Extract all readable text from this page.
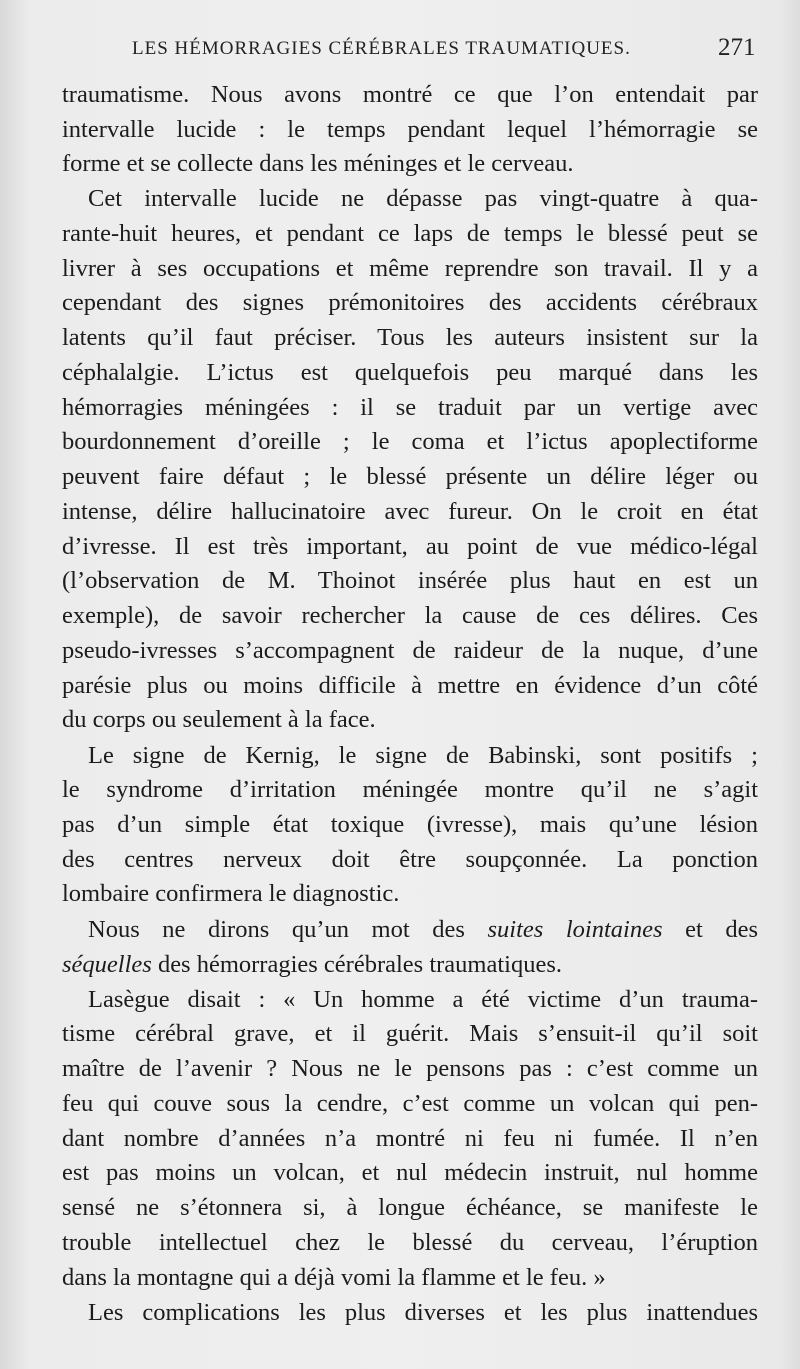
LES HÉMORRAGIES CÉRÉBRALES TRAUMATIQUES.	271
traumatisme. Nous avons montré ce que l’on entendait par
intervalle lucide : le temps pendant lequel l’hémorragie se
forme et se collecte dans les méninges et le cerveau.
Cet intervalle lucide ne dépasse pas vingt-quatre à qua-
rante-huit heures, et pendant ce laps de temps le blessé peut se
livrer à ses occupations et même reprendre son travail. Il y a
cependant des signes prémonitoires des accidents cérébraux
latents qu’il faut préciser. Tous les auteurs insistent sur la
céphalalgie. L’ictus est quelquefois peu marqué dans les
hémorragies méningées : il se traduit par un vertige avec
bourdonnement d’oreille ; le coma et l’ictus apoplectiforme
peuvent faire défaut ; le blessé présente un délire léger ou
intense, délire hallucinatoire avec fureur. On le croit en état
d’ivresse. Il est très important, au point de vue médico-légal
(l’observation de M. Thoinot insérée plus haut en est un
exemple), de savoir rechercher la cause de ces délires. Ces
pseudo-ivresses s’accompagnent de raideur de la nuque, d’une
parésie plus ou moins difficile à mettre en évidence d’un côté
du corps ou seulement à la face.
Le signe de Kernig, le signe de Babinski, sont positifs ;
le syndrome d’irritation méningée montre qu’il ne s’agit
pas d’un simple état toxique (ivresse), mais qu’une lésion
des centres nerveux doit être soupçonnée. La ponction
lombaire confirmera le diagnostic.
Nous ne dirons qu’un mot des suites lointaines et des
séquelles des hémorragies cérébrales traumatiques.
Lasègue disait : « Un homme a été victime d’un trauma-
tisme cérébral grave, et il guérit. Mais s’ensuit-il qu’il soit
maître de l’avenir ? Nous ne le pensons pas : c’est comme un
feu qui couve sous la cendre, c’est comme un volcan qui pen-
dant nombre d’années n’a montré ni feu ni fumée. Il n’en
est pas moins un volcan, et nul médecin instruit, nul homme
sensé ne s’étonnera si, à longue échéance, se manifeste le
trouble intellectuel chez le blessé du cerveau, l’éruption
dans la montagne qui a déjà vomi la flamme et le feu. »
Les complications les plus diverses et les plus inattendues
